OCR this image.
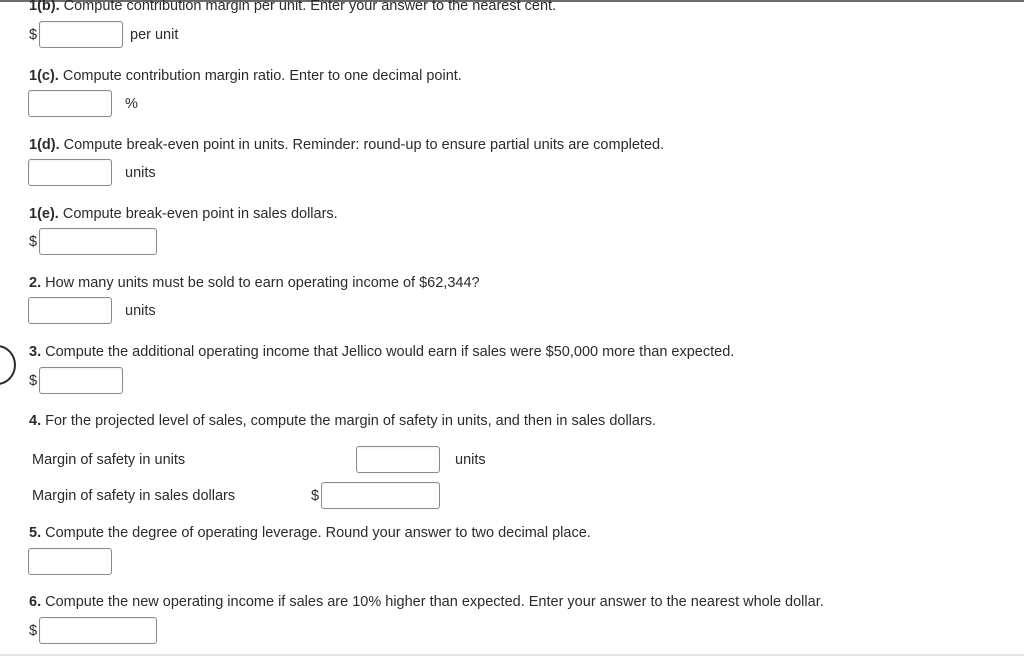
1(b). Compute contribution margin per unit. Enter your answer to the nearest cent.
$	per unit
1(c). Compute contribution margin ratio. Enter to one decimal point.
%
1(d). Compute break-even point in units. Reminder: round-up to ensure partial units are completed.
units
1(e). Compute break-even point in sales dollars.
$
2. How many units must be sold to earn operating income of $62,344?
units
3. Compute the additional operating income that Jellico would earn if sales were $50,000 more than expected.
$
4. For the projected level of sales, compute the margin of safety in units, and then in sales dollars.
Margin of safety in units	units
Margin of safety in sales dollars	$
5. Compute the degree of operating leverage. Round your answer to two decimal place.
6. Compute the new operating income if sales are 10% higher than expected. Enter your answer to the nearest whole dollar.
$
